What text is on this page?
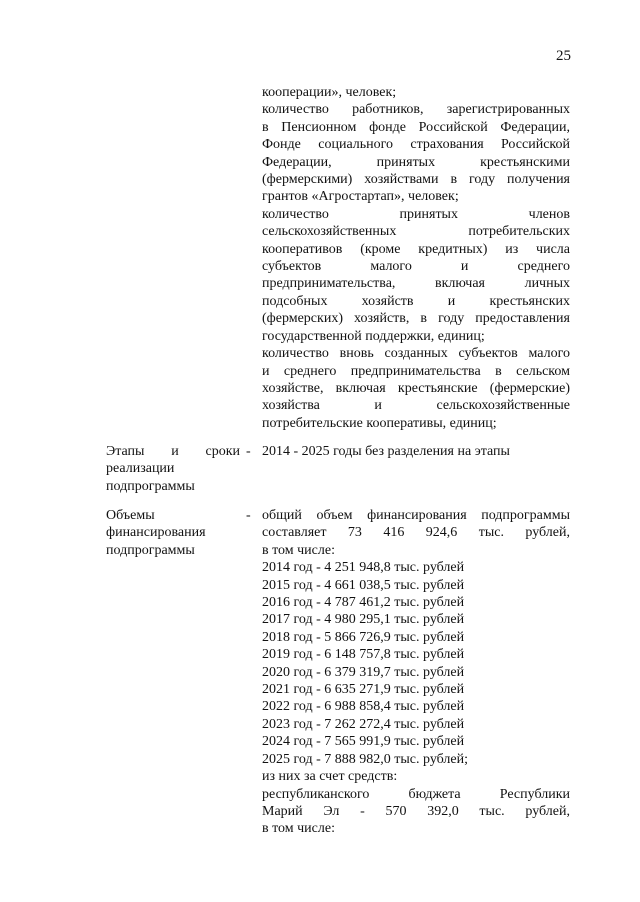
25
кооперации», человек;
количество работников, зарегистрированных
в Пенсионном фонде Российской Федерации,
Фонде социального страхования Российской
Федерации, принятых крестьянскими
(фермерскими) хозяйствами в году получения
грантов «Агростартап», человек;
количество принятых членов
сельскохозяйственных потребительских
кооперативов (кроме кредитных) из числа
субъектов малого и среднего
предпринимательства, включая личных
подсобных хозяйств и крестьянских
(фермерских) хозяйств, в году предоставления
государственной поддержки, единиц;
количество вновь созданных субъектов малого
и среднего предпринимательства в сельском
хозяйстве, включая крестьянские (фермерские)
хозяйства и сельскохозяйственные
потребительские кооперативы, единиц;
Этапы и сроки
реализации
подпрограммы
- 2014 - 2025 годы без разделения на этапы
Объемы
финансирования
подпрограммы
- общий объем финансирования подпрограммы
составляет 73 416 924,6 тыс. рублей,
в том числе:
2014 год - 4 251 948,8 тыс. рублей
2015 год - 4 661 038,5 тыс. рублей
2016 год - 4 787 461,2 тыс. рублей
2017 год - 4 980 295,1 тыс. рублей
2018 год - 5 866 726,9 тыс. рублей
2019 год - 6 148 757,8 тыс. рублей
2020 год - 6 379 319,7 тыс. рублей
2021 год - 6 635 271,9 тыс. рублей
2022 год - 6 988 858,4 тыс. рублей
2023 год - 7 262 272,4 тыс. рублей
2024 год - 7 565 991,9 тыс. рублей
2025 год - 7 888 982,0 тыс. рублей;
из них за счет средств:
республиканского бюджета Республики
Марий Эл - 570 392,0 тыс. рублей,
в том числе:
